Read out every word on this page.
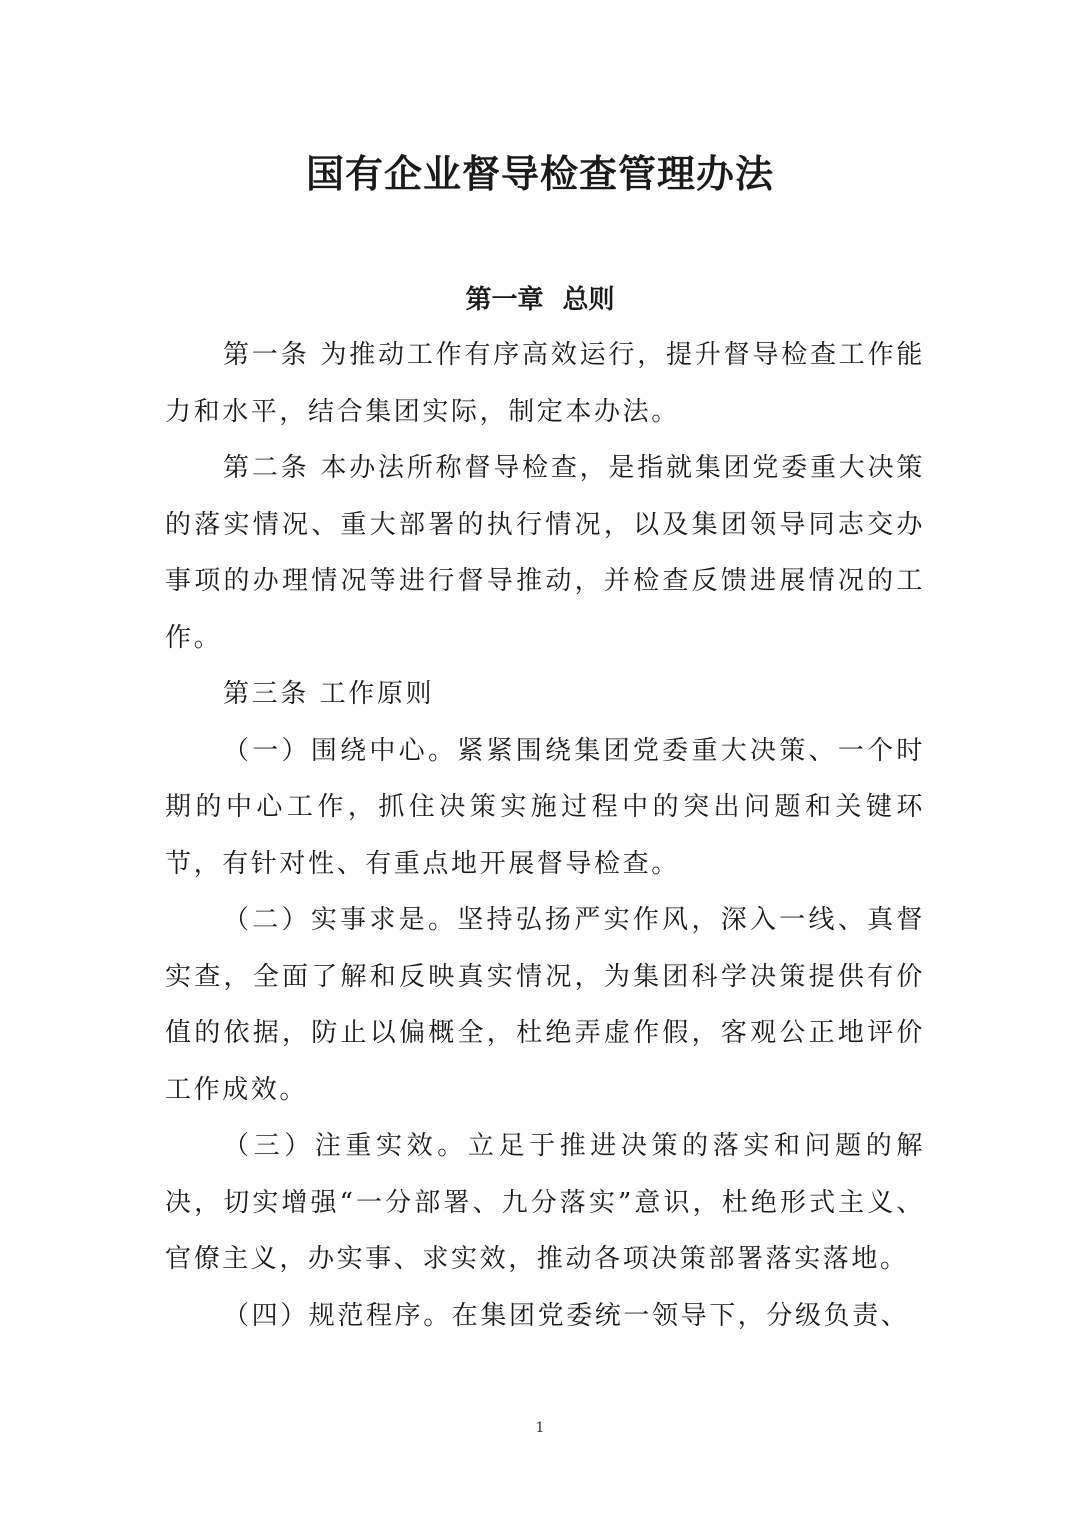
国有企业督导检查管理办法
第一章 总则

第一条 为推动工作有序高效运行，提升督导检查工作能力和水平，结合集团实际，制定本办法。

第二条 本办法所称督导检查，是指就集团党委重大决策的落实情况、重大部署的执行情况，以及集团领导同志交办事项的办理情况等进行督导推动，并检查反馈进展情况的工作。

第三条 工作原则

（一）围绕中心。紧紧围绕集团党委重大决策、一个时期的中心工作，抓住决策实施过程中的突出问题和关键环节，有针对性、有重点地开展督导检查。

（二）实事求是。坚持弘扬严实作风，深入一线、真督实查，全面了解和反映真实情况，为集团科学决策提供有价值的依据，防止以偏概全，杜绝弄虚作假，客观公正地评价工作成效。

（三）注重实效。立足于推进决策的落实和问题的解决，切实增强“一分部署、九分落实”意识，杜绝形式主义、官僚主义，办实事、求实效，推动各项决策部署落实落地。

（四）规范程序。在集团党委统一领导下，分级负责、

1
